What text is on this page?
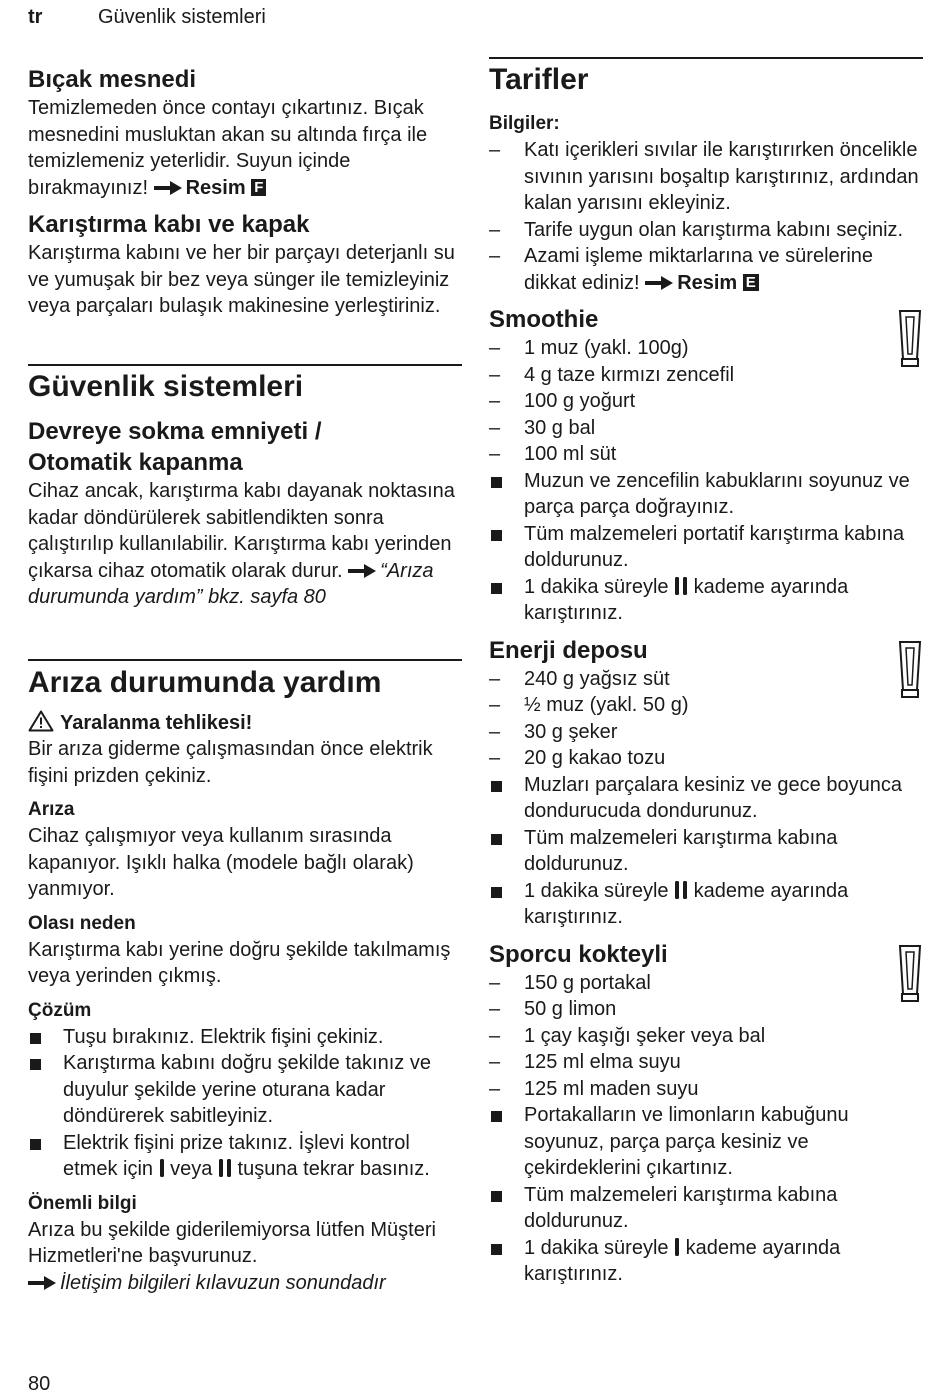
tr	Güvenlik sistemleri
Bıçak mesnedi

Temizlemeden önce contayı çıkartınız. Bıçak mesnedini musluktan akan su altında fırça ile temizlemeniz yeterlidir. Suyun içinde bırakmayınız! Resim F

Karıştırma kabı ve kapak

Karıştırma kabını ve her bir parçayı deterjanlı su ve yumuşak bir bez veya sünger ile temizleyiniz veya parçaları bulaşık makinesine yerleştiriniz.

Güvenlik sistemleri
Devreye sokma emniyeti /
Otomatik kapanma

Cihaz ancak, karıştırma kabı dayanak noktasına kadar döndürülerek sabitlendikten sonra çalıştırılıp kullanılabilir. Karıştırma kabı yerinden çıkarsa cihaz otomatik olarak durur. “Arıza durumunda yardım” bkz. sayfa 80

Arıza durumunda yardım
Yaralanma tehlikesi!

Bir arıza giderme çalışmasından önce elektrik fişini prizden çekiniz.

Arıza

Cihaz çalışmıyor veya kullanım sırasında kapanıyor. Işıklı halka (modele bağlı olarak) yanmıyor.

Olası neden

Karıştırma kabı yerine doğru şekilde takılmamış veya yerinden çıkmış.

Çözüm
Tuşu bırakınız. Elektrik fişini çekiniz.
Karıştırma kabını doğru şekilde takınız ve duyulur şekilde yerine oturana kadar döndürerek sabitleyiniz.
Elektrik fişini prize takınız. İşlevi kontrol etmek için veya tuşuna tekrar basınız.
Önemli bilgi

Arıza bu şekilde giderilemiyorsa lütfen Müşteri Hizmetleri'ne başvurunuz.

İletişim bilgileri kılavuzun sonundadır

Tarifler
Bilgiler:
–	Katı içerikleri sıvılar ile karıştırırken öncelikle sıvının yarısını boşaltıp karıştırınız, ardından kalan yarısını ekleyiniz.
–	Tarife uygun olan karıştırma kabını seçiniz.
–	Azami işleme miktarlarına ve sürelerine dikkat ediniz! Resim E
Smoothie
–	1 muz (yakl. 100g)
–	4 g taze kırmızı zencefil
–	100 g yoğurt
–	30 g bal
–	100 ml süt
Muzun ve zencefilin kabuklarını soyunuz ve parça parça doğrayınız.
Tüm malzemeleri portatif karıştırma kabına doldurunuz.
1 dakika süreyle kademe ayarında karıştırınız.
Enerji deposu
–	240 g yağsız süt
–	½ muz (yakl. 50 g)
–	30 g şeker
–	20 g kakao tozu
Muzları parçalara kesiniz ve gece boyunca dondurucuda dondurunuz.
Tüm malzemeleri karıştırma kabına doldurunuz.
1 dakika süreyle kademe ayarında karıştırınız.
Sporcu kokteyli
–	150 g portakal
–	50 g limon
–	1 çay kaşığı şeker veya bal
–	125 ml elma suyu
–	125 ml maden suyu
Portakalların ve limonların kabuğunu soyunuz, parça parça kesiniz ve çekirdeklerini çıkartınız.
Tüm malzemeleri karıştırma kabına doldurunuz.
1 dakika süreyle kademe ayarında karıştırınız.
80
